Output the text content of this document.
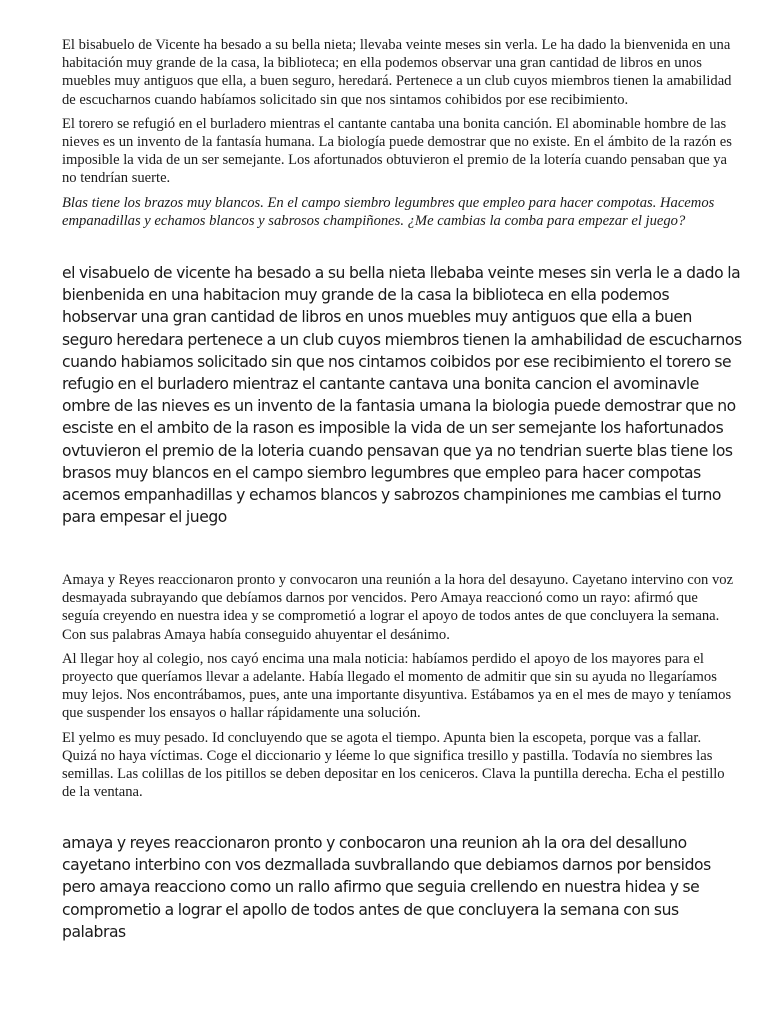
El bisabuelo de Vicente ha besado a su bella nieta; llevaba veinte meses sin verla. Le ha dado la bienvenida en una habitación muy grande de la casa, la biblioteca; en ella podemos observar una gran cantidad de libros en unos muebles muy antiguos que ella, a buen seguro, heredará. Pertenece a un club cuyos miembros tienen la amabilidad de escucharnos cuando habíamos solicitado sin que nos sintamos cohibidos por ese recibimiento.

El torero se refugió en el burladero mientras el cantante cantaba una bonita canción. El abominable hombre de las nieves es un invento de la fantasía humana. La biología puede demostrar que no existe. En el ámbito de la razón es imposible la vida de un ser semejante. Los afortunados obtuvieron el premio de la lotería cuando pensaban que ya no tendrían suerte.

Blas tiene los brazos muy blancos. En el campo siembro legumbres que empleo para hacer compotas. Hacemos empanadillas y echamos blancos y sabrosos champiñones. ¿Me cambias la comba para empezar el juego?

el visabuelo de vicente ha besado a su bella nieta llebaba veinte meses sin verla le a dado la bienbenida en una habitacion muy grande de la casa la biblioteca en ella podemos hobservar una gran cantidad de libros en unos muebles muy antiguos que ella a buen seguro heredara pertenece a un club cuyos miembros tienen la amhabilidad de escucharnos cuando habiamos solicitado sin que nos cintamos coibidos por ese recibimiento el torero se refugio en el burladero mientraz el cantante cantava una bonita cancion el avominavle ombre de las nieves es un invento de la fantasia umana la biologia puede demostrar que no esciste en el ambito de la rason es imposible la vida de un ser semejante los hafortunados ovtuvieron el premio de la loteria cuando pensavan que ya no tendrian suerte blas tiene los brasos muy blancos en el campo siembro legumbres que empleo para hacer compotas acemos empanhadillas y echamos blancos y sabrozos champiniones me cambias el turno para empesar el juego

Amaya y Reyes reaccionaron pronto y convocaron una reunión a la hora del desayuno. Cayetano intervino con voz desmayada subrayando que debíamos darnos por vencidos. Pero Amaya reaccionó como un rayo: afirmó que seguía creyendo en nuestra idea y se comprometió a lograr el apoyo de todos antes de que concluyera la semana. Con sus palabras Amaya había conseguido ahuyentar el desánimo.

Al llegar hoy al colegio, nos cayó encima una mala noticia: habíamos perdido el apoyo de los mayores para el proyecto que queríamos llevar a adelante. Había llegado el momento de admitir que sin su ayuda no llegaríamos muy lejos. Nos encontrábamos, pues, ante una importante disyuntiva. Estábamos ya en el mes de mayo y teníamos que suspender los ensayos o hallar rápidamente una solución.

El yelmo es muy pesado. Id concluyendo que se agota el tiempo. Apunta bien la escopeta, porque vas a fallar. Quizá no haya víctimas. Coge el diccionario y léeme lo que significa tresillo y pastilla. Todavía no siembres las semillas. Las colillas de los pitillos se deben depositar en los ceniceros. Clava la puntilla derecha. Echa el pestillo de la ventana.

amaya y reyes reaccionaron pronto y conbocaron una reunion ah la ora del desalluno cayetano interbino con vos dezmallada suvbrallando que debiamos darnos por bensidos pero amaya reacciono como un rallo afirmo que seguia crellendo en nuestra hidea y se comprometio a lograr el apollo de todos antes de que concluyera la semana con sus palabras
